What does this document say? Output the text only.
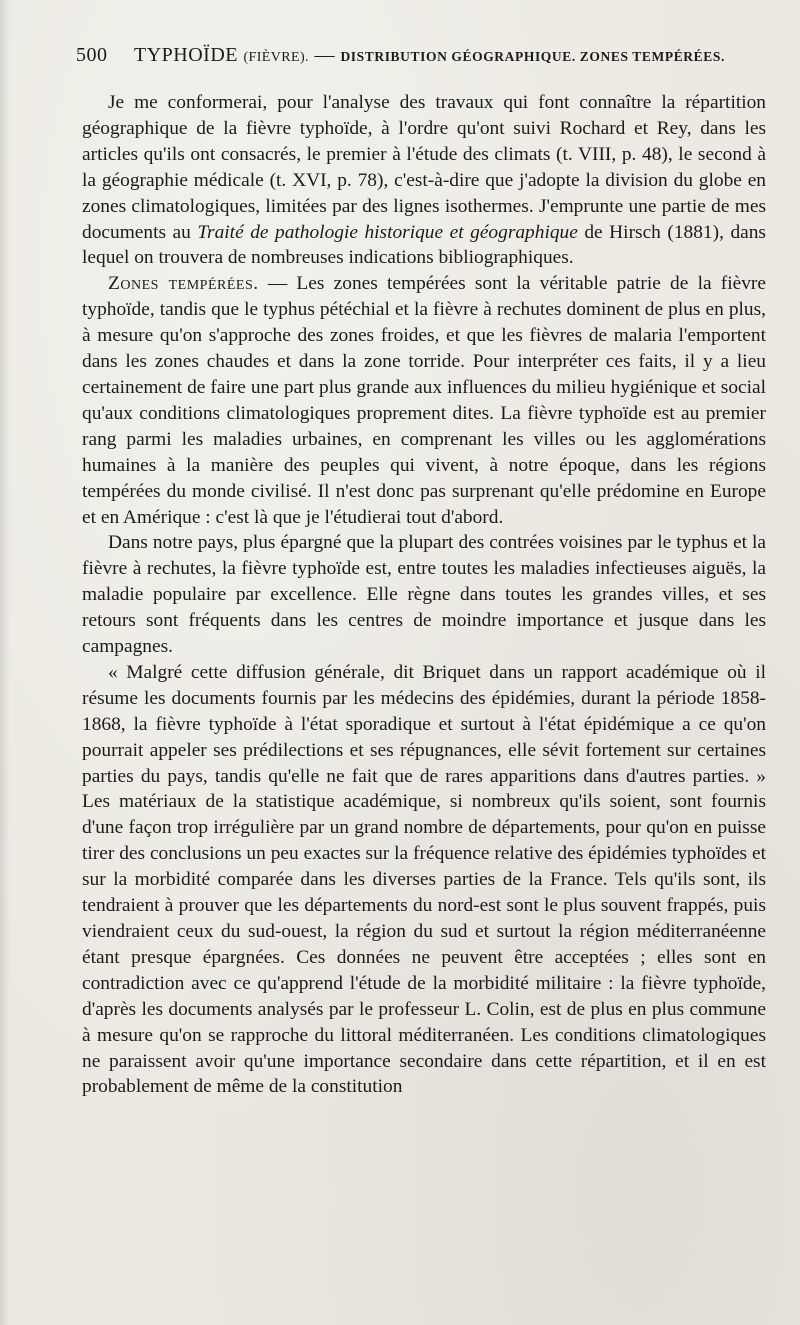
500 TYPHOÏDE (FIÈVRE). — DISTRIBUTION GÉOGRAPHIQUE. ZONES TEMPÉRÉES.

Je me conformerai, pour l'analyse des travaux qui font connaître la répartition géographique de la fièvre typhoïde, à l'ordre qu'ont suivi Rochard et Rey, dans les articles qu'ils ont consacrés, le premier à l'étude des climats (t. VIII, p. 48), le second à la géographie médicale (t. XVI, p. 78), c'est-à-dire que j'adopte la division du globe en zones climatologiques, limitées par des lignes isothermes. J'emprunte une partie de mes documents au Traité de pathologie historique et géographique de Hirsch (1881), dans lequel on trouvera de nombreuses indications bibliographiques.

Zones tempérées. — Les zones tempérées sont la véritable patrie de la fièvre typhoïde, tandis que le typhus pétéchial et la fièvre à rechutes dominent de plus en plus, à mesure qu'on s'approche des zones froides, et que les fièvres de malaria l'emportent dans les zones chaudes et dans la zone torride. Pour interpréter ces faits, il y a lieu certainement de faire une part plus grande aux influences du milieu hygiénique et social qu'aux conditions climatologiques proprement dites. La fièvre typhoïde est au premier rang parmi les maladies urbaines, en comprenant les villes ou les agglomérations humaines à la manière des peuples qui vivent, à notre époque, dans les régions tempérées du monde civilisé. Il n'est donc pas surprenant qu'elle prédomine en Europe et en Amérique : c'est là que je l'étudierai tout d'abord.

Dans notre pays, plus épargné que la plupart des contrées voisines par le typhus et la fièvre à rechutes, la fièvre typhoïde est, entre toutes les maladies infectieuses aiguës, la maladie populaire par excellence. Elle règne dans toutes les grandes villes, et ses retours sont fréquents dans les centres de moindre importance et jusque dans les campagnes.

« Malgré cette diffusion générale, dit Briquet dans un rapport académique où il résume les documents fournis par les médecins des épidémies, durant la période 1858-1868, la fièvre typhoïde à l'état sporadique et surtout à l'état épidémique a ce qu'on pourrait appeler ses prédilections et ses répugnances, elle sévit fortement sur certaines parties du pays, tandis qu'elle ne fait que de rares apparitions dans d'autres parties. » Les matériaux de la statistique académique, si nombreux qu'ils soient, sont fournis d'une façon trop irrégulière par un grand nombre de départements, pour qu'on en puisse tirer des conclusions un peu exactes sur la fréquence relative des épidémies typhoïdes et sur la morbidité comparée dans les diverses parties de la France. Tels qu'ils sont, ils tendraient à prouver que les départements du nord-est sont le plus souvent frappés, puis viendraient ceux du sud-ouest, la région du sud et surtout la région méditerranéenne étant presque épargnées. Ces données ne peuvent être acceptées ; elles sont en contradiction avec ce qu'apprend l'étude de la morbidité militaire : la fièvre typhoïde, d'après les documents analysés par le professeur L. Colin, est de plus en plus commune à mesure qu'on se rapproche du littoral méditerranéen. Les conditions climatologiques ne paraissent avoir qu'une importance secondaire dans cette répartition, et il en est probablement de même de la constitution
